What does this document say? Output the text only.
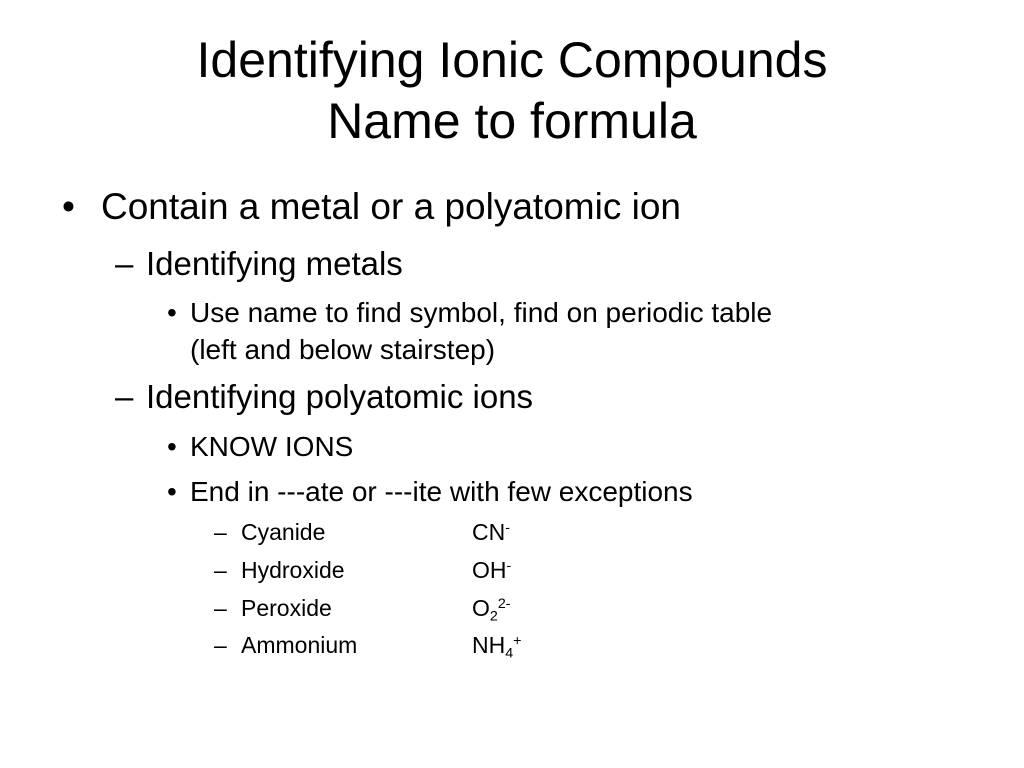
Identifying Ionic Compounds
Name to formula
• Contain a metal or a polyatomic ion
– Identifying metals
• Use name to find symbol, find on periodic table
(left and below stairstep)
– Identifying polyatomic ions
• KNOW IONS
• End in ---ate or ---ite with few exceptions
– Cyanide	CN-
– Hydroxide	OH-
– Peroxide	$O_2^{2-}$
– Ammonium	$NH_4^+$
